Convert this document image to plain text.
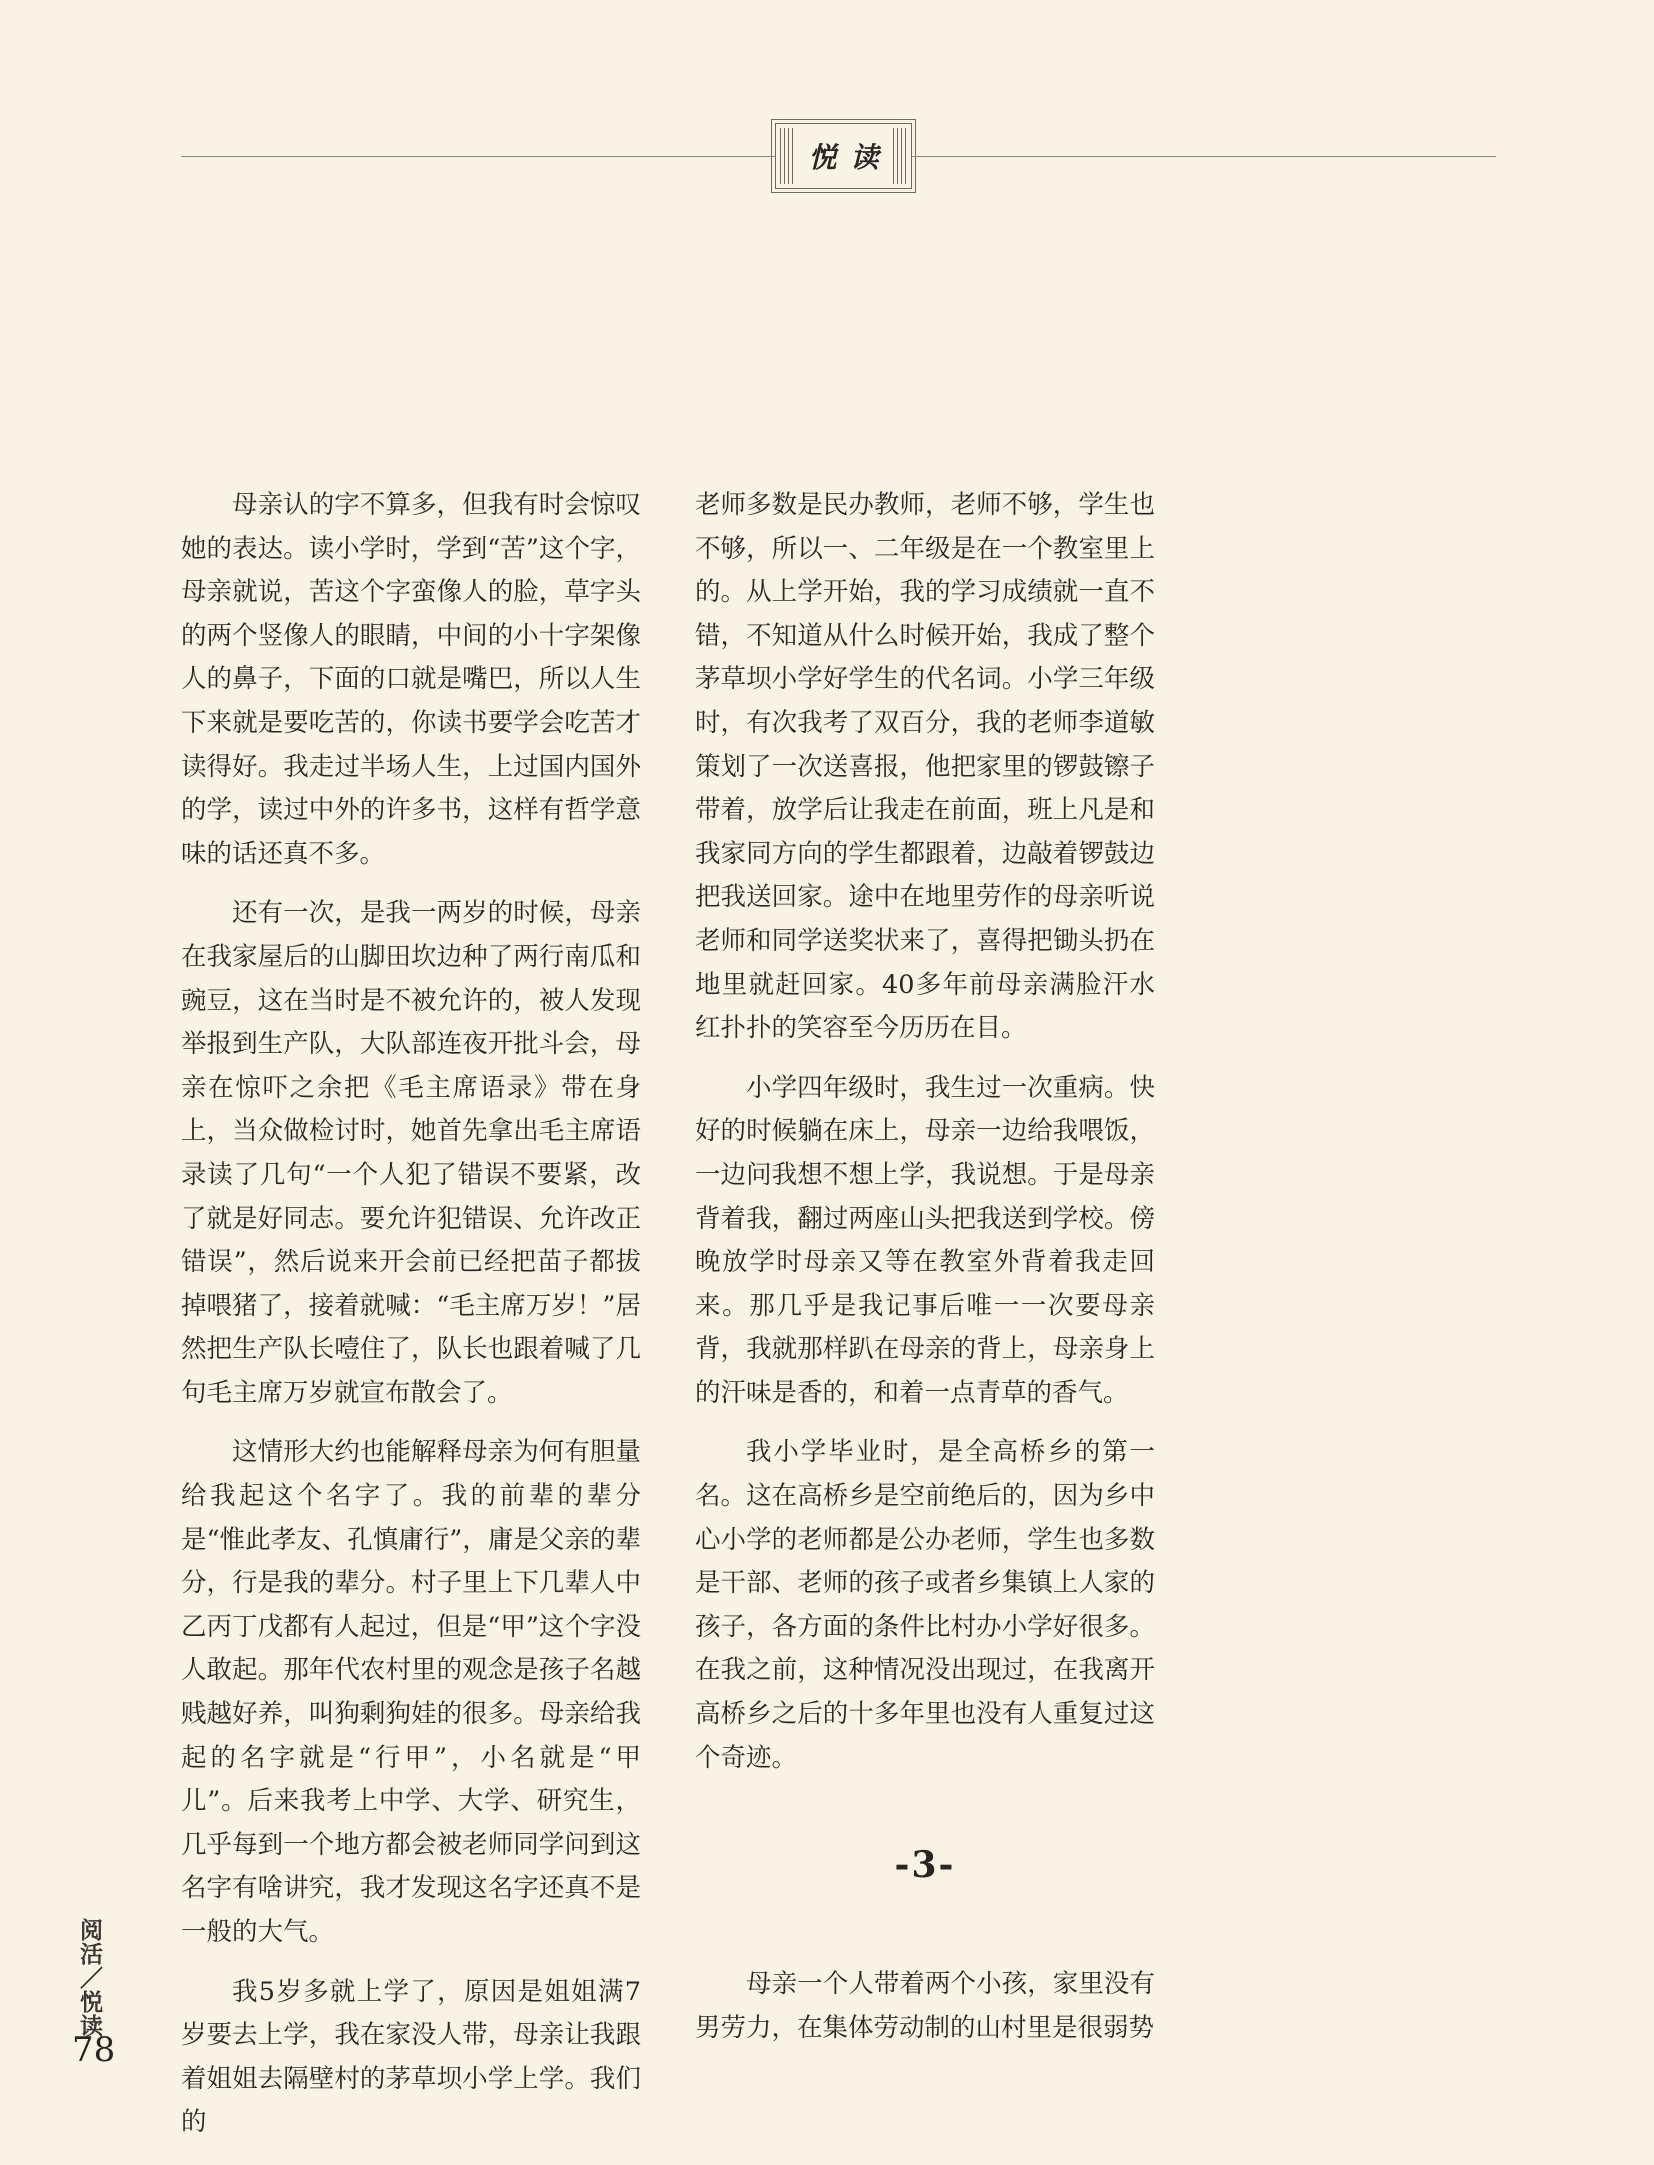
悦读

母亲认的字不算多，但我有时会惊叹她的表达。读小学时，学到“苦”这个字，母亲就说，苦这个字蛮像人的脸，草字头的两个竖像人的眼睛，中间的小十字架像人的鼻子，下面的口就是嘴巴，所以人生下来就是要吃苦的，你读书要学会吃苦才读得好。我走过半场人生，上过国内国外的学，读过中外的许多书，这样有哲学意味的话还真不多。

还有一次，是我一两岁的时候，母亲在我家屋后的山脚田坎边种了两行南瓜和豌豆，这在当时是不被允许的，被人发现举报到生产队，大队部连夜开批斗会，母亲在惊吓之余把《毛主席语录》带在身上，当众做检讨时，她首先拿出毛主席语录读了几句“一个人犯了错误不要紧，改了就是好同志。要允许犯错误、允许改正错误”，然后说来开会前已经把苗子都拔掉喂猪了，接着就喊：“毛主席万岁！”居然把生产队长噎住了，队长也跟着喊了几句毛主席万岁就宣布散会了。

这情形大约也能解释母亲为何有胆量给我起这个名字了。我的前辈的辈分是“惟此孝友、孔慎庸行”，庸是父亲的辈分，行是我的辈分。村子里上下几辈人中乙丙丁戊都有人起过，但是“甲”这个字没人敢起。那年代农村里的观念是孩子名越贱越好养，叫狗剩狗娃的很多。母亲给我起的名字就是“行甲”，小名就是“甲儿”。后来我考上中学、大学、研究生，几乎每到一个地方都会被老师同学问到这名字有啥讲究，我才发现这名字还真不是一般的大气。

我5岁多就上学了，原因是姐姐满7岁要去上学，我在家没人带，母亲让我跟着姐姐去隔壁村的茅草坝小学上学。我们的

老师多数是民办教师，老师不够，学生也不够，所以一、二年级是在一个教室里上的。从上学开始，我的学习成绩就一直不错，不知道从什么时候开始，我成了整个茅草坝小学好学生的代名词。小学三年级时，有次我考了双百分，我的老师李道敏策划了一次送喜报，他把家里的锣鼓镲子带着，放学后让我走在前面，班上凡是和我家同方向的学生都跟着，边敲着锣鼓边把我送回家。途中在地里劳作的母亲听说老师和同学送奖状来了，喜得把锄头扔在地里就赶回家。40多年前母亲满脸汗水红扑扑的笑容至今历历在目。

小学四年级时，我生过一次重病。快好的时候躺在床上，母亲一边给我喂饭，一边问我想不想上学，我说想。于是母亲背着我，翻过两座山头把我送到学校。傍晚放学时母亲又等在教室外背着我走回来。那几乎是我记事后唯一一次要母亲背，我就那样趴在母亲的背上，母亲身上的汗味是香的，和着一点青草的香气。

我小学毕业时，是全高桥乡的第一名。这在高桥乡是空前绝后的，因为乡中心小学的老师都是公办老师，学生也多数是干部、老师的孩子或者乡集镇上人家的孩子，各方面的条件比村办小学好很多。在我之前，这种情况没出现过，在我离开高桥乡之后的十多年里也没有人重复过这个奇迹。

-3-

母亲一个人带着两个小孩，家里没有男劳力，在集体劳动制的山村里是很弱势

阅活／悦读
78
